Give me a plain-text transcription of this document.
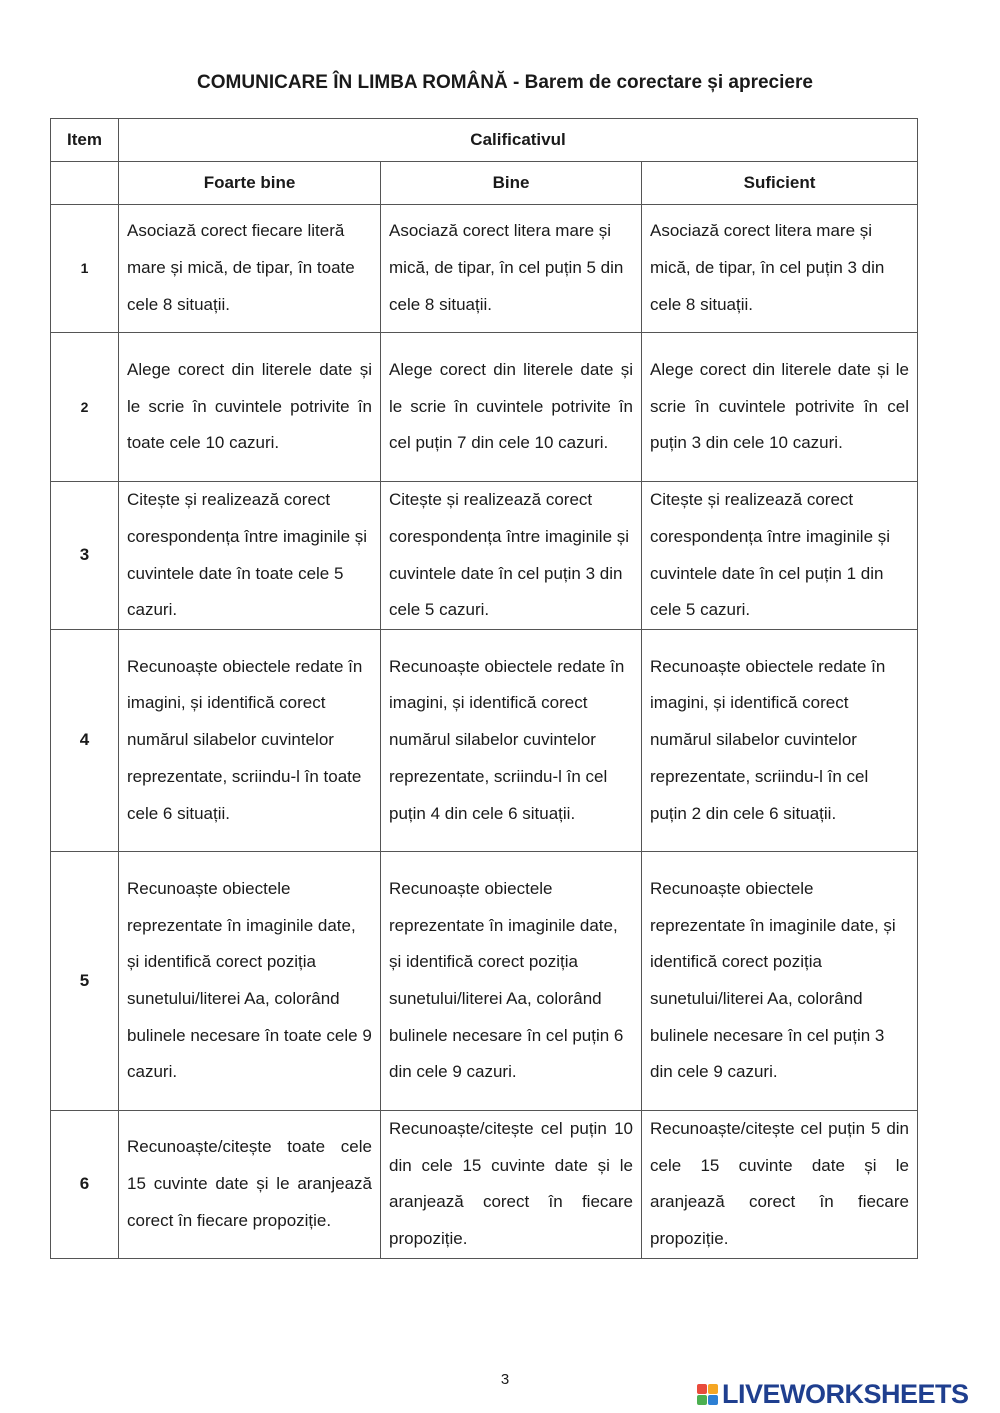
COMUNICARE ÎN LIMBA ROMÂNĂ - Barem de corectare și apreciere
Item	Calificativul		
	Foarte bine	Bine	Suficient
1	Asociază corect fiecare literă mare și mică, de tipar, în toate cele 8 situații.	Asociază corect litera mare și mică, de tipar, în cel puțin 5 din cele 8 situații.	Asociază corect litera mare și mică, de tipar, în cel puțin 3 din cele 8 situații.
2	Alege corect din literele date și le scrie în cuvintele potrivite în toate cele 10 cazuri.	Alege corect din literele date și le scrie în cuvintele potrivite în cel puțin 7 din cele 10 cazuri.	Alege corect din literele date și le scrie în cuvintele potrivite în cel puțin 3 din cele 10 cazuri.
3	Citește și realizează corect corespondența între imaginile și cuvintele date în toate cele 5 cazuri.	Citește și realizează corect corespondența între imaginile și cuvintele date în cel puțin 3 din cele 5 cazuri.	Citește și realizează corect corespondența între imaginile și cuvintele date în cel puțin 1 din cele 5 cazuri.
4	Recunoaște obiectele redate în imagini, și identifică corect numărul silabelor cuvintelor reprezentate, scriindu-l în toate cele 6 situații.	Recunoaște obiectele redate în imagini, și identifică corect numărul silabelor cuvintelor reprezentate, scriindu-l în cel puțin 4 din cele 6 situații.	Recunoaște obiectele redate în imagini, și identifică corect numărul silabelor cuvintelor reprezentate, scriindu-l în cel puțin 2 din cele 6 situații.
5	Recunoaște obiectele reprezentate în imaginile date, și identifică corect poziția sunetului/literei Aa, colorând bulinele necesare în toate cele 9 cazuri.	Recunoaște obiectele reprezentate în imaginile date, și identifică corect poziția sunetului/literei Aa, colorând bulinele necesare în cel puțin 6 din cele 9 cazuri.	Recunoaște obiectele reprezentate în imaginile date, și identifică corect poziția sunetului/literei Aa, colorând bulinele necesare în cel puțin 3 din cele 9 cazuri.
6	Recunoaște/citește toate cele 15 cuvinte date și le aranjează corect în fiecare propoziție.	Recunoaște/citește cel puțin 10 din cele 15 cuvinte date și le aranjează corect în fiecare propoziție.	Recunoaște/citește cel puțin 5 din cele 15 cuvinte date și le aranjează corect în fiecare propoziție.
3	LIVEWORKSHEETS
